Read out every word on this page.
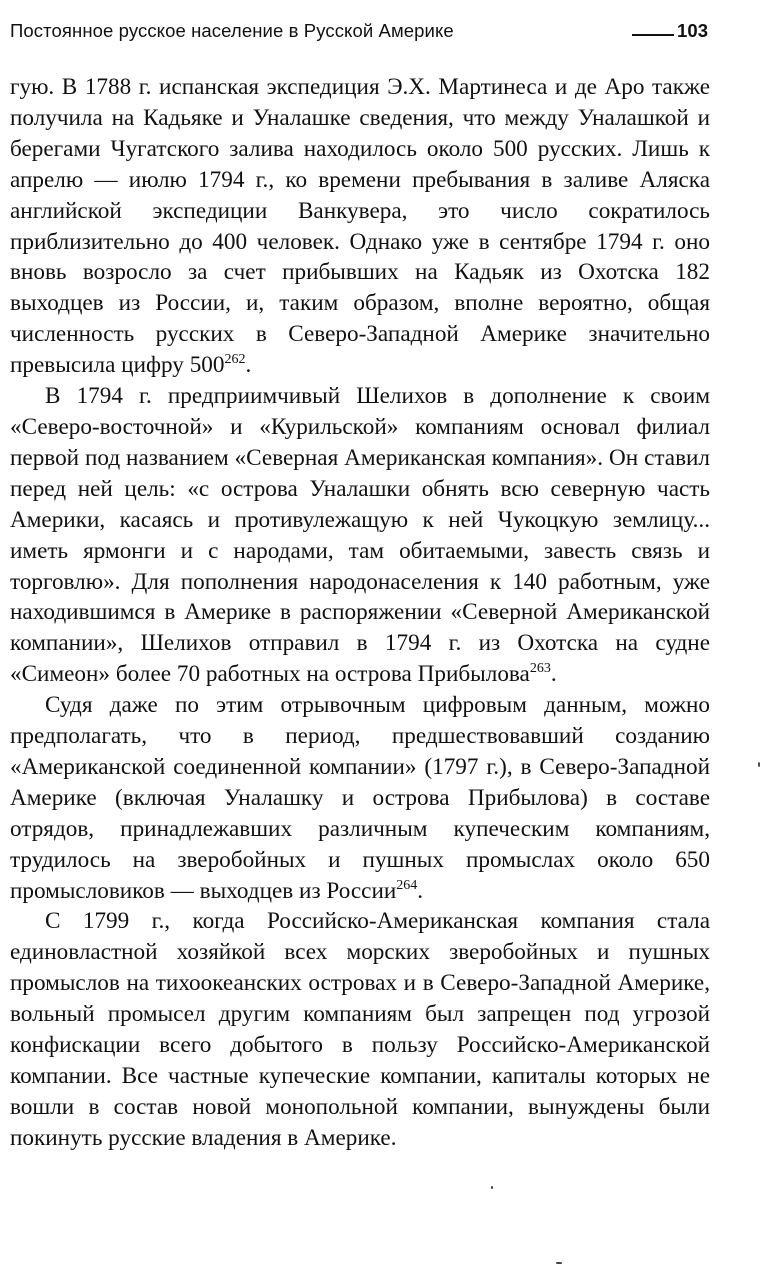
Постоянное русское население в Русской Америке	103

гую. В 1788 г. испанская экспедиция Э.Х. Мартинеса и де Аро также получила на Кадьяке и Уналашке сведения, что между Уналашкой и берегами Чугатского залива находилось около 500 русских. Лишь к апрелю — июлю 1794 г., ко времени пребывания в заливе Аляска английской экспедиции Ванкувера, это число сократилось приблизительно до 400 человек. Однако уже в сентябре 1794 г. оно вновь возросло за счет прибывших на Кадьяк из Охотска 182 выходцев из России, и, таким образом, вполне вероятно, общая численность русских в Северо-Западной Америке значительно превысила цифру 500$^{262}$.

В 1794 г. предприимчивый Шелихов в дополнение к своим «Северо-восточной» и «Курильской» компаниям основал филиал первой под названием «Северная Американская компания». Он ставил перед ней цель: «с острова Уналашки обнять всю северную часть Америки, касаясь и противулежащую к ней Чукоцкую землицу... иметь ярмонги и с народами, там обитаемыми, завесть связь и торговлю». Для пополнения народонаселения к 140 работным, уже находившимся в Америке в распоряжении «Северной Американской компании», Шелихов отправил в 1794 г. из Охотска на судне «Симеон» более 70 работных на острова Прибылова$^{263}$.

Судя даже по этим отрывочным цифровым данным, можно предполагать, что в период, предшествовавший созданию «Американской соединенной компании» (1797 г.), в Северо-Западной Америке (включая Уналашку и острова Прибылова) в составе отрядов, принадлежавших различным купеческим компаниям, трудилось на зверобойных и пушных промыслах около 650 промысловиков — выходцев из России$^{264}$.

С 1799 г., когда Российско-Американская компания стала единовластной хозяйкой всех морских зверобойных и пушных промыслов на тихоокеанских островах и в Северо-Западной Америке, вольный промысел другим компаниям был запрещен под угрозой конфискации всего добытого в пользу Российско-Американской компании. Все частные купеческие компании, капиталы которых не вошли в состав новой монопольной компании, вынуждены были покинуть русские владения в Америке.
